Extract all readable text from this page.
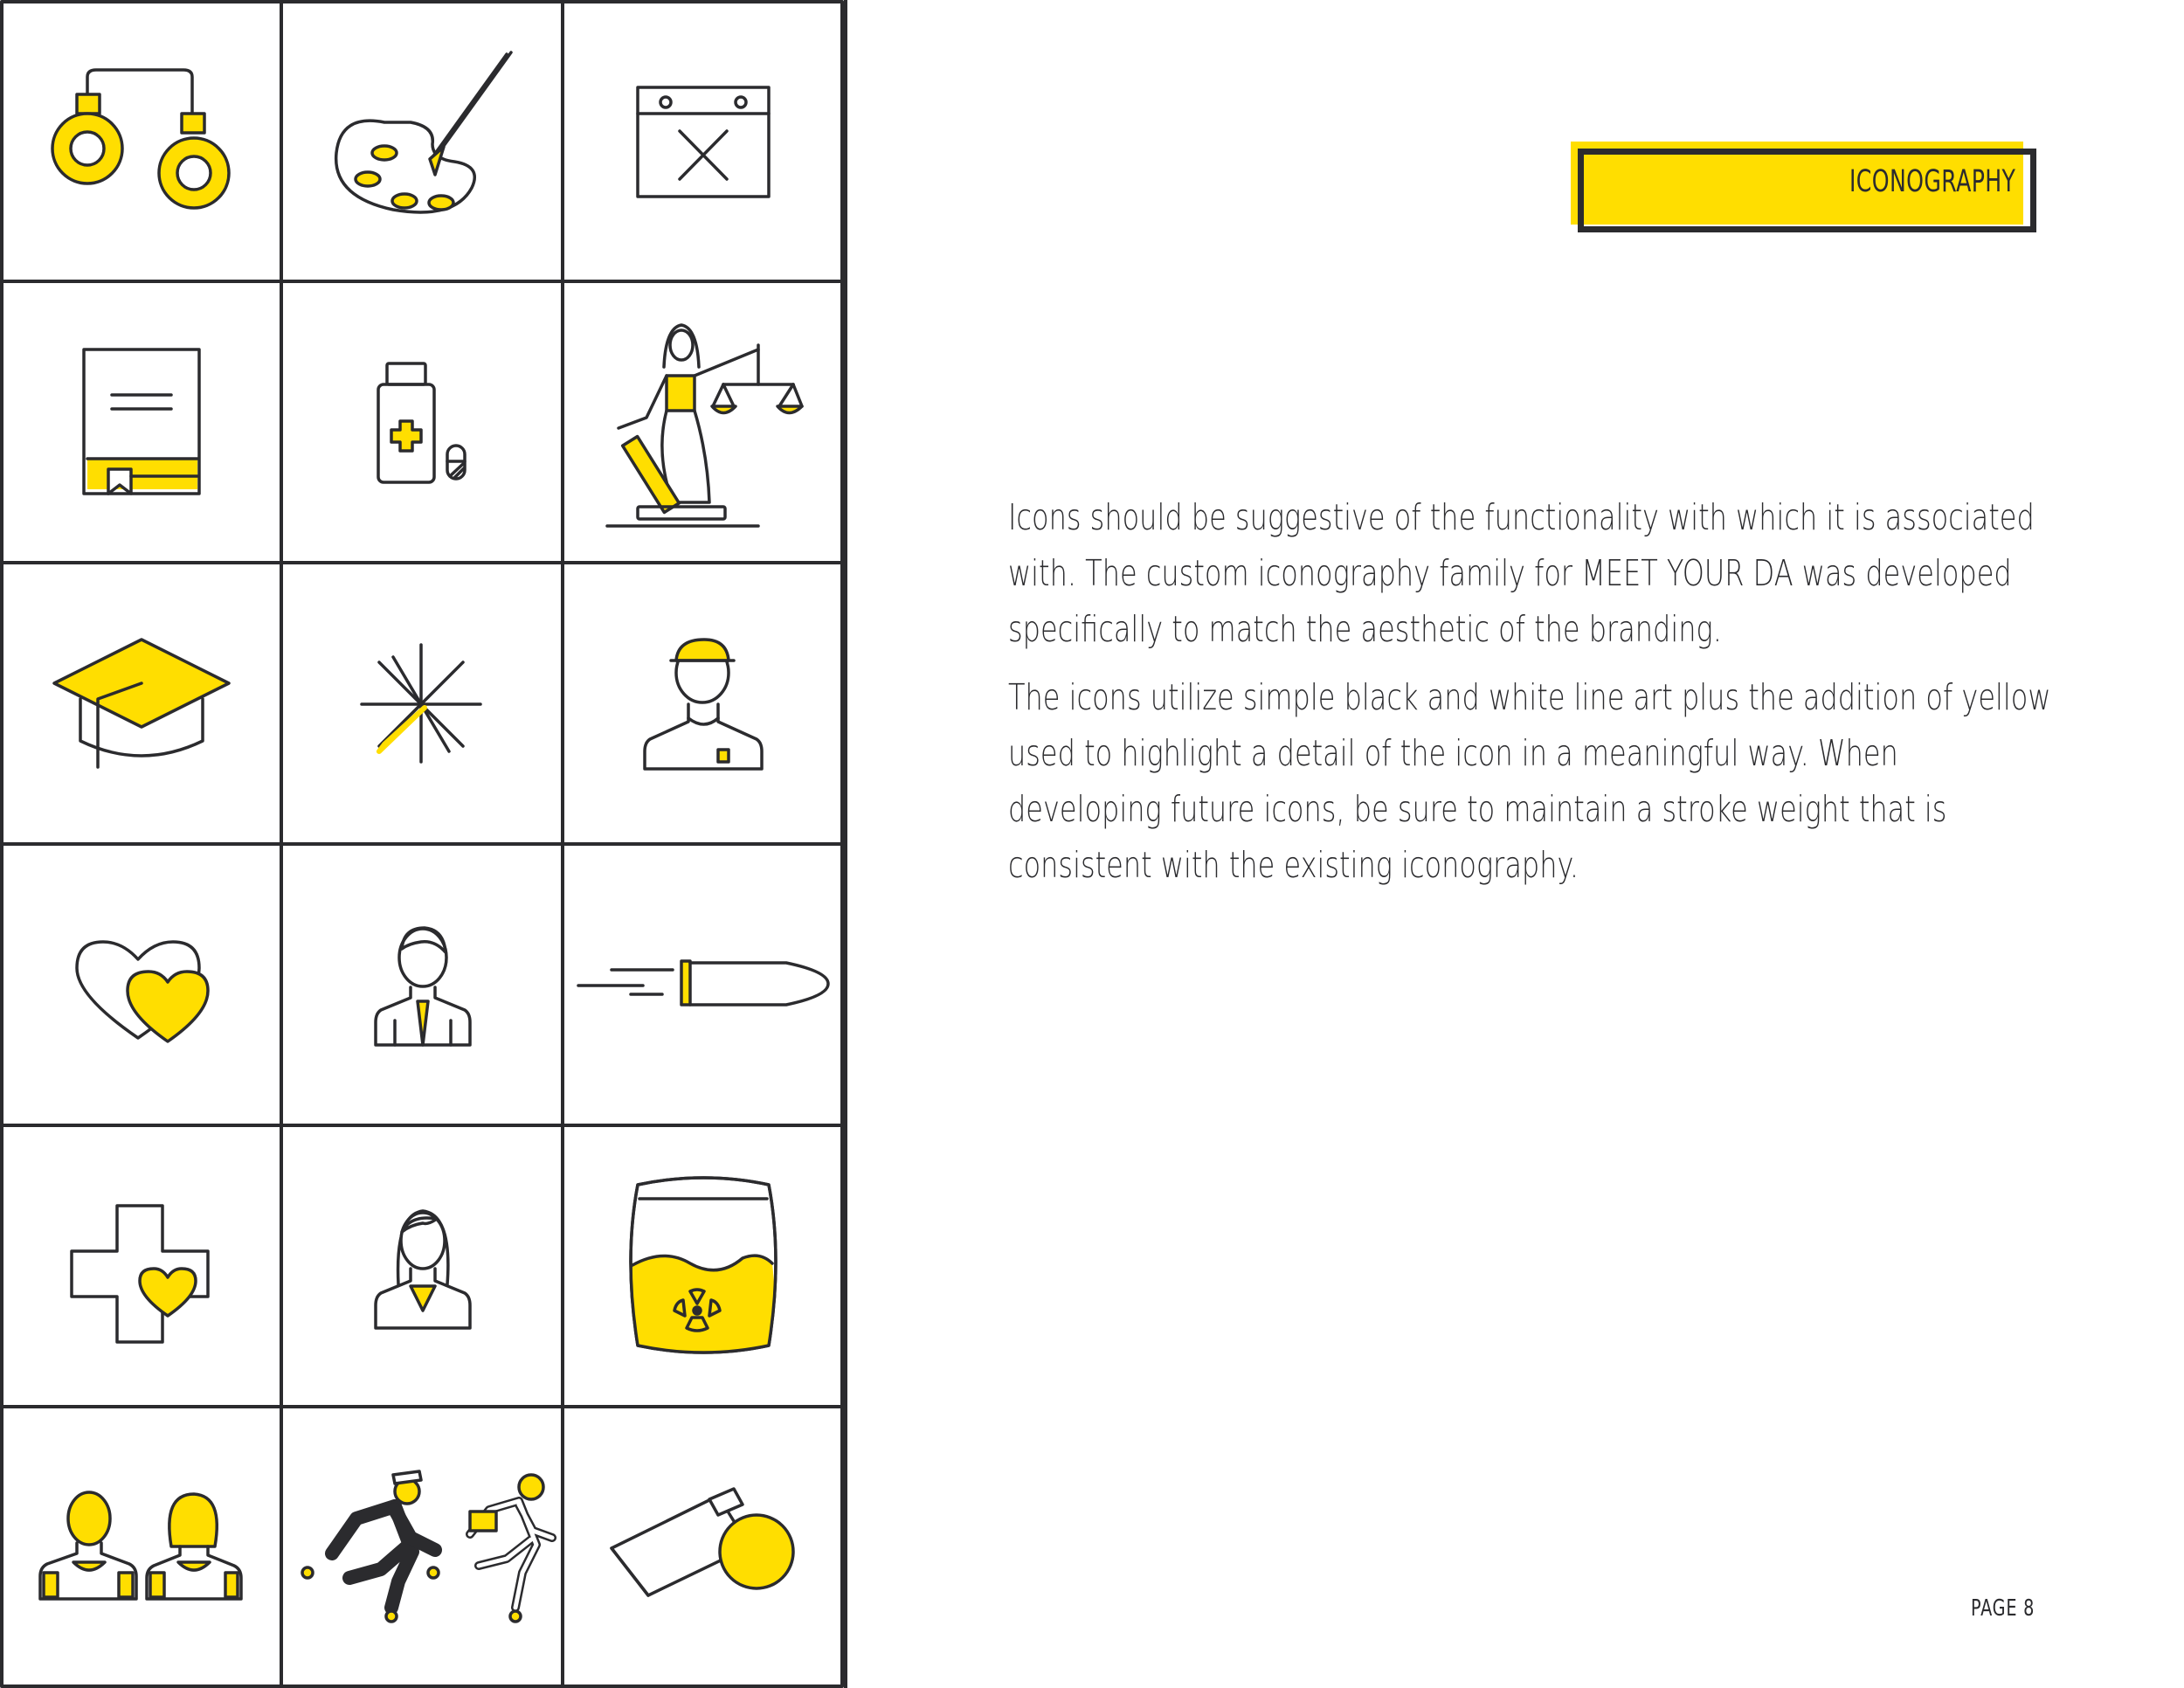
ICONOGRAPHY

Icons should be suggestive of the functionality with which it is associated with. The custom iconography family for MEET YOUR DA was developed specifically to match the aesthetic of the branding.

The icons utilize simple black and white line art plus the addition of yellow used to highlight a detail of the icon in a meaningful way. When developing future icons, be sure to maintain a stroke weight that is consistent with the existing iconography.

PAGE 8
